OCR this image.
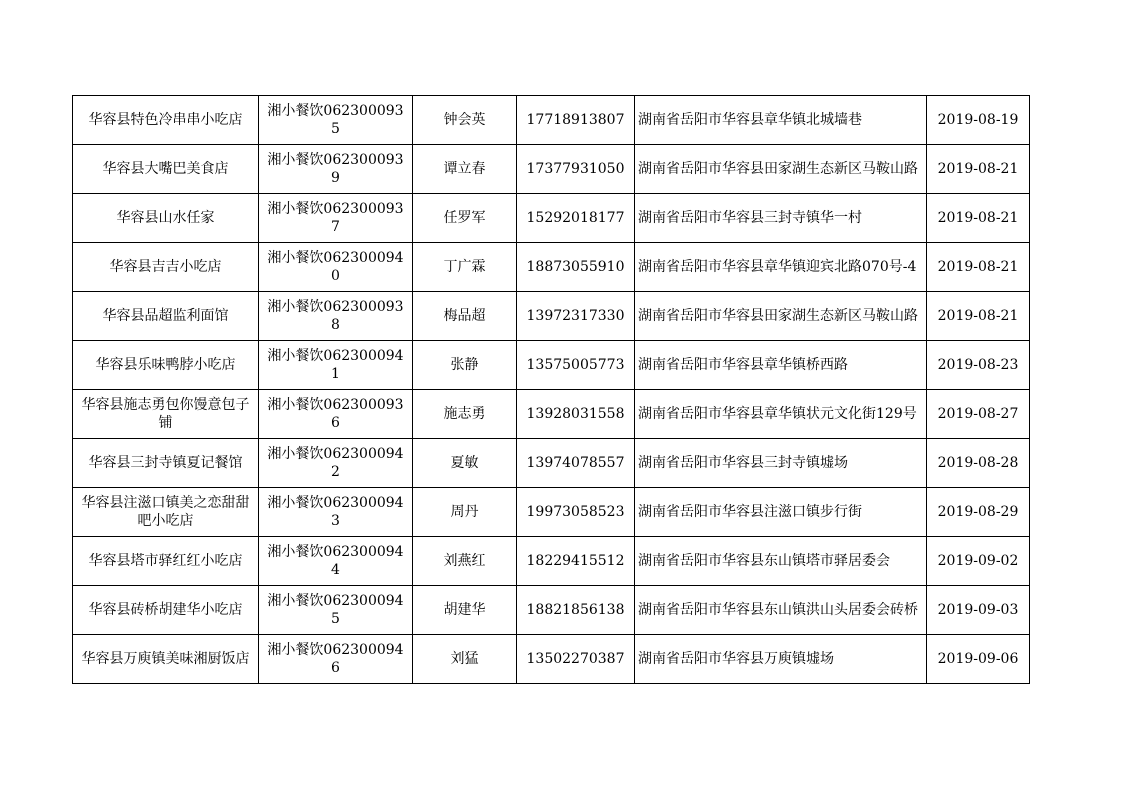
华容县特色冷串串小吃店	湘小餐饮0623000935	钟会英	17718913807	湖南省岳阳市华容县章华镇北城墙巷	2019-08-19
华容县大嘴巴美食店	湘小餐饮0623000939	谭立春	17377931050	湖南省岳阳市华容县田家湖生态新区马鞍山路	2019-08-21
华容县山水任家	湘小餐饮0623000937	任罗军	15292018177	湖南省岳阳市华容县三封寺镇华一村	2019-08-21
华容县吉吉小吃店	湘小餐饮0623000940	丁广霖	18873055910	湖南省岳阳市华容县章华镇迎宾北路070号-4	2019-08-21
华容县品超监利面馆	湘小餐饮0623000938	梅品超	13972317330	湖南省岳阳市华容县田家湖生态新区马鞍山路	2019-08-21
华容县乐味鸭脖小吃店	湘小餐饮0623000941	张静	13575005773	湖南省岳阳市华容县章华镇桥西路	2019-08-23
华容县施志勇包你馒意包子铺	湘小餐饮0623000936	施志勇	13928031558	湖南省岳阳市华容县章华镇状元文化街129号	2019-08-27
华容县三封寺镇夏记餐馆	湘小餐饮0623000942	夏敏	13974078557	湖南省岳阳市华容县三封寺镇墟场	2019-08-28
华容县注滋口镇美之恋甜甜吧小吃店	湘小餐饮0623000943	周丹	19973058523	湖南省岳阳市华容县注滋口镇步行街	2019-08-29
华容县塔市驿红红小吃店	湘小餐饮0623000944	刘燕红	18229415512	湖南省岳阳市华容县东山镇塔市驿居委会	2019-09-02
华容县砖桥胡建华小吃店	湘小餐饮0623000945	胡建华	18821856138	湖南省岳阳市华容县东山镇洪山头居委会砖桥	2019-09-03
华容县万庾镇美味湘厨饭店	湘小餐饮0623000946	刘猛	13502270387	湖南省岳阳市华容县万庾镇墟场	2019-09-06
